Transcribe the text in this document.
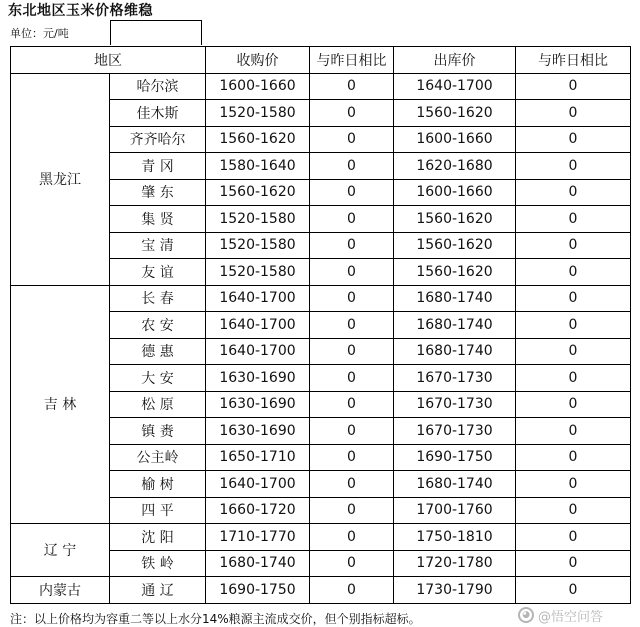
东北地区玉米价格维稳
单位：元/吨
地区		收购价	与昨日相比	出库价	与昨日相比
黑龙江	哈尔滨	1600-1660	0	1640-1700	0
	佳木斯	1520-1580	0	1560-1620	0
	齐齐哈尔	1560-1620	0	1600-1660	0
	青 冈	1580-1640	0	1620-1680	0
	肇 东	1560-1620	0	1600-1660	0
	集 贤	1520-1580	0	1560-1620	0
	宝 清	1520-1580	0	1560-1620	0
	友 谊	1520-1580	0	1560-1620	0
吉 林	长 春	1640-1700	0	1680-1740	0
	农 安	1640-1700	0	1680-1740	0
	德 惠	1640-1700	0	1680-1740	0
	大 安	1630-1690	0	1670-1730	0
	松 原	1630-1690	0	1670-1730	0
	镇 赉	1630-1690	0	1670-1730	0
	公主岭	1650-1710	0	1690-1750	0
	榆 树	1640-1700	0	1680-1740	0
	四 平	1660-1720	0	1700-1760	0
辽 宁	沈 阳	1710-1770	0	1750-1810	0
	铁 岭	1680-1740	0	1720-1780	0
内蒙古	通 辽	1690-1750	0	1730-1790	0
注：以上价格均为容重二等以上水分14%粮源主流成交价，但个别指标超标。	◕ @悟空问答
